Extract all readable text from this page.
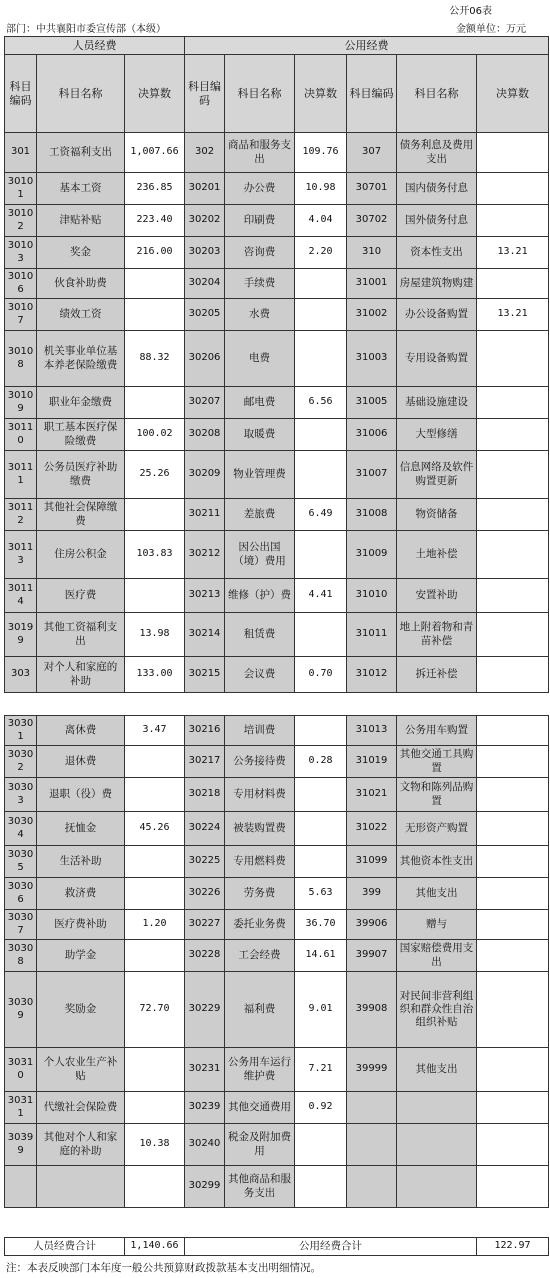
公开06表
部门：中共襄阳市委宣传部（本级）	金额单位：万元
人员经费			公用经费					
科目编码	科目名称	决算数	科目编码	科目名称	决算数	科目编码	科目名称	决算数
301	工资福利支出	1,007.66	302	商品和服务支出	109.76	307	债务利息及费用支出	
30101	基本工资	236.85	30201	办公费	10.98	30701	国内债务付息	
30102	津贴补贴	223.40	30202	印刷费	4.04	30702	国外债务付息	
30103	奖金	216.00	30203	咨询费	2.20	310	资本性支出	13.21
30106	伙食补助费		30204	手续费		31001	房屋建筑物购建	
30107	绩效工资		30205	水费		31002	办公设备购置	13.21
30108	机关事业单位基本养老保险缴费	88.32	30206	电费		31003	专用设备购置	
30109	职业年金缴费		30207	邮电费	6.56	31005	基础设施建设	
30110	职工基本医疗保险缴费	100.02	30208	取暖费		31006	大型修缮	
30111	公务员医疗补助缴费	25.26	30209	物业管理费		31007	信息网络及软件购置更新	
30112	其他社会保障缴费		30211	差旅费	6.49	31008	物资储备	
30113	住房公积金	103.83	30212	因公出国（境）费用		31009	土地补偿	
30114	医疗费		30213	维修（护）费	4.41	31010	安置补助	
30199	其他工资福利支出	13.98	30214	租赁费		31011	地上附着物和青苗补偿	
303	对个人和家庭的补助	133.00	30215	会议费	0.70	31012	拆迁补偿	
30301	离休费	3.47	30216	培训费		31013	公务用车购置	
30302	退休费		30217	公务接待费	0.28	31019	其他交通工具购置	
30303	退职（役）费		30218	专用材料费		31021	文物和陈列品购置	
30304	抚恤金	45.26	30224	被装购置费		31022	无形资产购置	
30305	生活补助		30225	专用燃料费		31099	其他资本性支出	
30306	救济费		30226	劳务费	5.63	399	其他支出	
30307	医疗费补助	1.20	30227	委托业务费	36.70	39906	赠与	
30308	助学金		30228	工会经费	14.61	39907	国家赔偿费用支出	
30309	奖励金	72.70	30229	福利费	9.01	39908	对民间非营利组织和群众性自治组织补贴	
30310	个人农业生产补贴		30231	公务用车运行维护费	7.21	39999	其他支出	
30311	代缴社会保险费		30239	其他交通费用	0.92			
30399	其他对个人和家庭的补助	10.38	30240	税金及附加费用				
			30299	其他商品和服务支出				
人员经费合计	1,140.66	公用经费合计	122.97
注：本表反映部门本年度一般公共预算财政拨款基本支出明细情况。
